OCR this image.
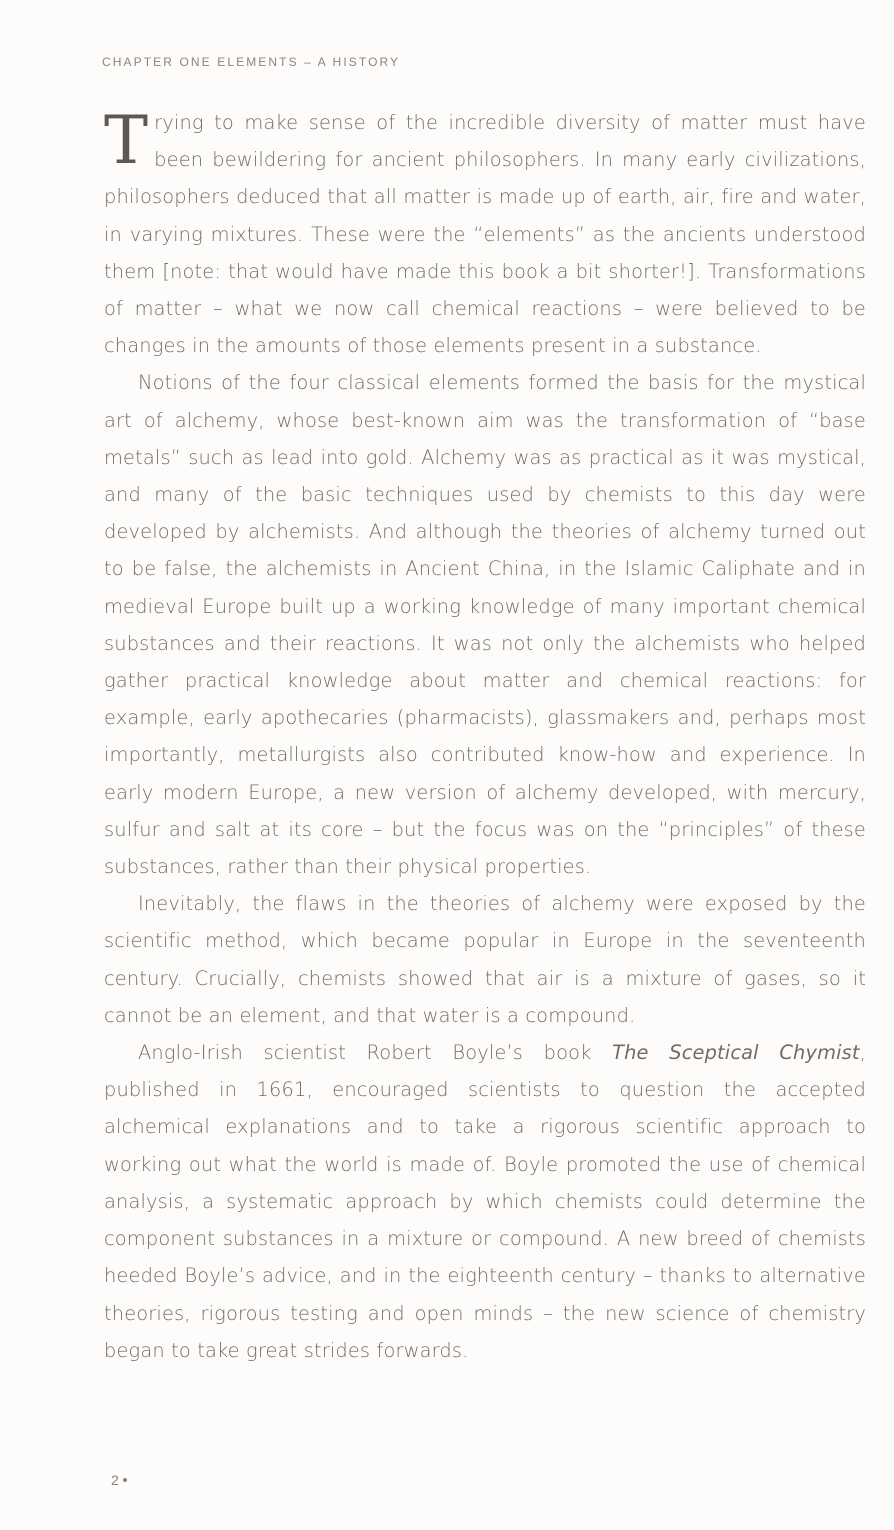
CHAPTER ONE ELEMENTS – A HISTORY

Trying to make sense of the incredible diversity of matter must have been bewildering for ancient philosophers. In many early civilizations, philosophers deduced that all matter is made up of earth, air, fire and water, in varying mixtures. These were the “elements” as the ancients understood them [note: that would have made this book a bit shorter!]. Transformations of matter – what we now call chemical reactions – were believed to be changes in the amounts of those elements present in a substance.

Notions of the four classical elements formed the basis for the mystical art of alchemy, whose best-known aim was the transformation of “base metals” such as lead into gold. Alchemy was as practical as it was mystical, and many of the basic techniques used by chemists to this day were developed by alchemists. And although the theories of alchemy turned out to be false, the alchemists in Ancient China, in the Islamic Caliphate and in medieval Europe built up a working knowledge of many important chemical substances and their reactions. It was not only the alchemists who helped gather practical knowledge about matter and chemical reactions: for example, early apothecaries (pharmacists), glassmakers and, perhaps most importantly, metallurgists also contributed know-how and experience. In early modern Europe, a new version of alchemy developed, with mercury, sulfur and salt at its core – but the focus was on the “principles” of these substances, rather than their physical properties.

Inevitably, the flaws in the theories of alchemy were exposed by the scientific method, which became popular in Europe in the seventeenth century. Crucially, chemists showed that air is a mixture of gases, so it cannot be an element, and that water is a compound.

Anglo-Irish scientist Robert Boyle’s book The Sceptical Chymist, published in 1661, encouraged scientists to question the accepted alchemical explanations and to take a rigorous scientific approach to working out what the world is made of. Boyle promoted the use of chemical analysis, a systematic approach by which chemists could determine the component substances in a mixture or compound. A new breed of chemists heeded Boyle’s advice, and in the eighteenth century – thanks to alternative theories, rigorous testing and open minds – the new science of chemistry began to take great strides forwards.

2
